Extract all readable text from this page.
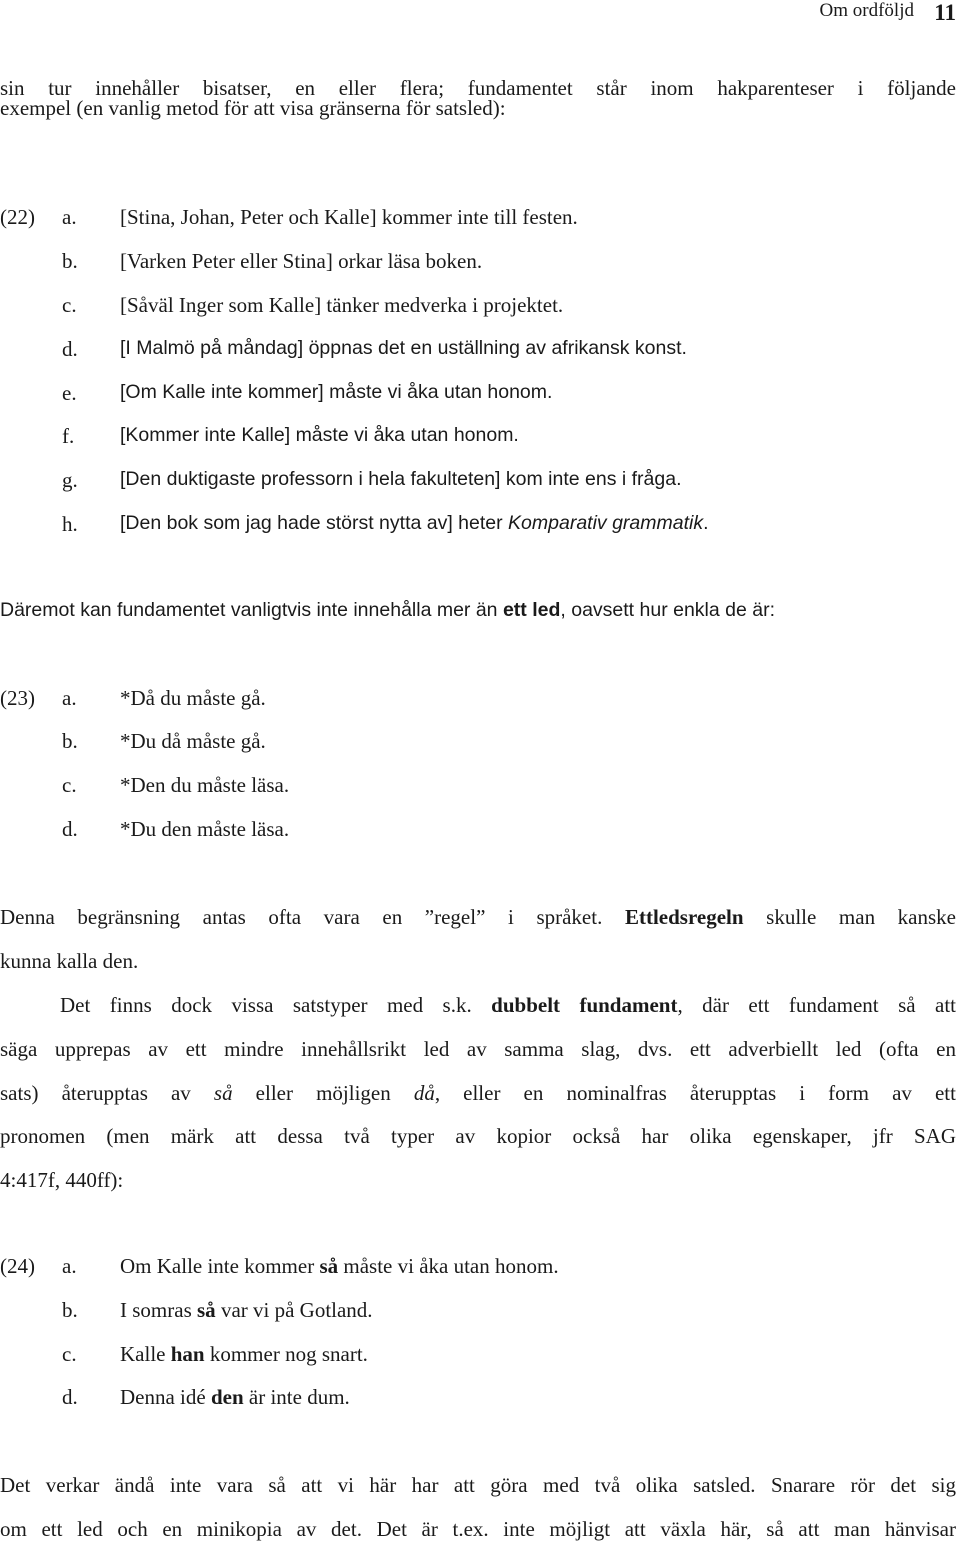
Om ordföljd 11
sin tur innehåller bisatser, en eller flera; fundamentet står inom hakparenteser i följande
exempel (en vanlig metod för att visa gränserna för satsled):
(22) a. [Stina, Johan, Peter och Kalle] kommer inte till festen.
b. [Varken Peter eller Stina] orkar läsa boken.
c. [Såväl Inger som Kalle] tänker medverka i projektet.
d. [I Malmö på måndag] öppnas det en uställning av afrikansk konst.
e. [Om Kalle inte kommer] måste vi åka utan honom.
f. [Kommer inte Kalle] måste vi åka utan honom.
g. [Den duktigaste professorn i hela fakulteten] kom inte ens i fråga.
h. [Den bok som jag hade störst nytta av] heter Komparativ grammatik.
Däremot kan fundamentet vanligtvis inte innehålla mer än ett led, oavsett hur enkla de är:
(23) a. *Då du måste gå.
b. *Du då måste gå.
c. *Den du måste läsa.
d. *Du den måste läsa.
Denna begränsning antas ofta vara en ”regel” i språket. Ettledsregeln skulle man kanske
kunna kalla den.
Det finns dock vissa satstyper med s.k. dubbelt fundament, där ett fundament så att
säga upprepas av ett mindre innehållsrikt led av samma slag, dvs. ett adverbiellt led (ofta en
sats) återupptas av så eller möjligen då, eller en nominalfras återupptas i form av ett
pronomen (men märk att dessa två typer av kopior också har olika egenskaper, jfr SAG
4:417f, 440ff):
(24) a. Om Kalle inte kommer så måste vi åka utan honom.
b. I somras så var vi på Gotland.
c. Kalle han kommer nog snart.
d. Denna idé den är inte dum.
Det verkar ändå inte vara så att vi här har att göra med två olika satsled. Snarare rör det sig
om ett led och en minikopia av det. Det är t.ex. inte möjligt att växla här, så att man hänvisar
